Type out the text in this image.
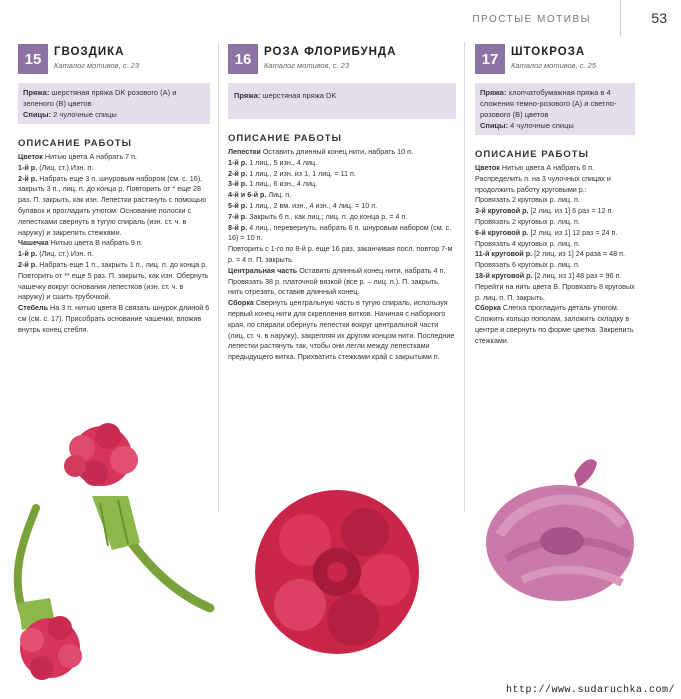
ПРОСТЫЕ МОТИВЫ	53
15	ГВОЗДИКА
Каталог мотивов, с. 23
Пряжа: шерстяная пряжа DK розового (А) и зеленого (В) цветов
Спицы: 2 чулочные спицы
ОПИСАНИЕ РАБОТЫ

Цветок Нитью цвета А набрать 7 п.

1-й р. (Лиц. ст.) Изн. п.

2-й р. Набрать еще 3 п. шнуровым набором (см. с. 16), закрыть 3 п., лиц. п. до конца р. Повторить от * еще 28 раз. П. закрыть, как изн. Лепестки растянуть с помощью булавок и прогладить утюгом. Основание полоски с лепестками свернуть в тугую спираль (изн. ст. ч. в наружу) и закрепить стежками.

Чашечка Нитью цвета В набрать 9 п.

1-й р. (Лиц. ст.) Изн. п.

2-й р. Набрать еще 1 п., закрыть 1 п., лиц. п. до конца р. Повторить от ** еще 5 раз. П. закрыть, как изн. Обернуть чашечку вокруг основания лепестков (изн. ст. ч. в наружу) и сшить трубочкой.

Стебель На 3 п. нитью цвета В связать шнурок длиной 6 см (см. с. 17). Присобрать основание чашечки, вложив внутрь конец стебля.

16	РОЗА ФЛОРИБУНДА
Каталог мотивов, с. 23
Пряжа: шерстяная пряжа DK
ОПИСАНИЕ РАБОТЫ

Лепестки Оставить длинный конец нити, набрать 10 п.

1-й р. 1 лиц., 5 изн., 4 лиц.

2-й р. 1 лиц., 2 изн. из 1, 1 лиц. = 11 п.

3-й р. 1 лиц., 6 изн., 4 лиц.

4-й и 6-й р. Лиц. п.

5-й р. 1 лиц., 2 вм. изн., 4 изн., 4 лиц. = 10 п.

7-й р. Закрыть 6 п., как лиц.; лиц. п. до конца р. = 4 п.

8-й р. 4 лиц., перевернуть, набрать 6 п. шнуровым набором (см. с. 16) = 10 п.

Повторить с 1-го по 8-й р. еще 16 раз, заканчивая посл. повтор 7-м р. = 4 п. П. закрыть.

Центральная часть Оставить длинный конец нити, набрать 4 п. Провязать 38 р. платочной вязкой (все р. – лиц. п.). П. закрыть, нить отрезать, оставив длинный конец.

Сборка Свернуть центральную часть в тугую спираль, используя первый конец нити для скрепления витков. Начиная с наборного края, по спирали обернуть лепестки вокруг центральной части (лиц. ст. ч. в наружу), закрепляя их другим концом нити. Последние лепестки растянуть так, чтобы они легли между лепестками предыдущего витка. Прихватить стежками край с закрытыми п.

17	ШТОКРОЗА
Каталог мотивов, с. 25
Пряжа: хлопчатобумажная пряжа в 4 сложения темно-розового (А) и светло-розового (В) цветов
Спицы: 4 чулочные спицы
ОПИСАНИЕ РАБОТЫ

Цветок Нитью цвета А набрать 6 п.

Распределить п. на 3 чулочных спицах и продолжить работу круговыми р.:

Провязать 2 круговых р. лиц. п.

3-й круговой р. [2 лиц. из 1] 6 раз = 12 п.

Провязать 2 круговых р. лиц. п.

6-й круговой р. [2 лиц. из 1] 12 раз = 24 п.

Провязать 4 круговых р. лиц. п.

11-й круговой р. [2 лиц. из 1] 24 раза = 48 п.

Провязать 6 круговых р. лиц. п.

18-й круговой р. [2 лиц. из 1] 48 раз = 96 п.

Перейти на нить цвета В. Провязать 8 круговых р. лиц. п. П. закрыть.

Сборка Слегка прогладить деталь утюгом. Сложить кольцо пополам, заложить складку в центре и свернуть по форме цветка. Закрепить стежками.

http://www.sudaruchka.com/
